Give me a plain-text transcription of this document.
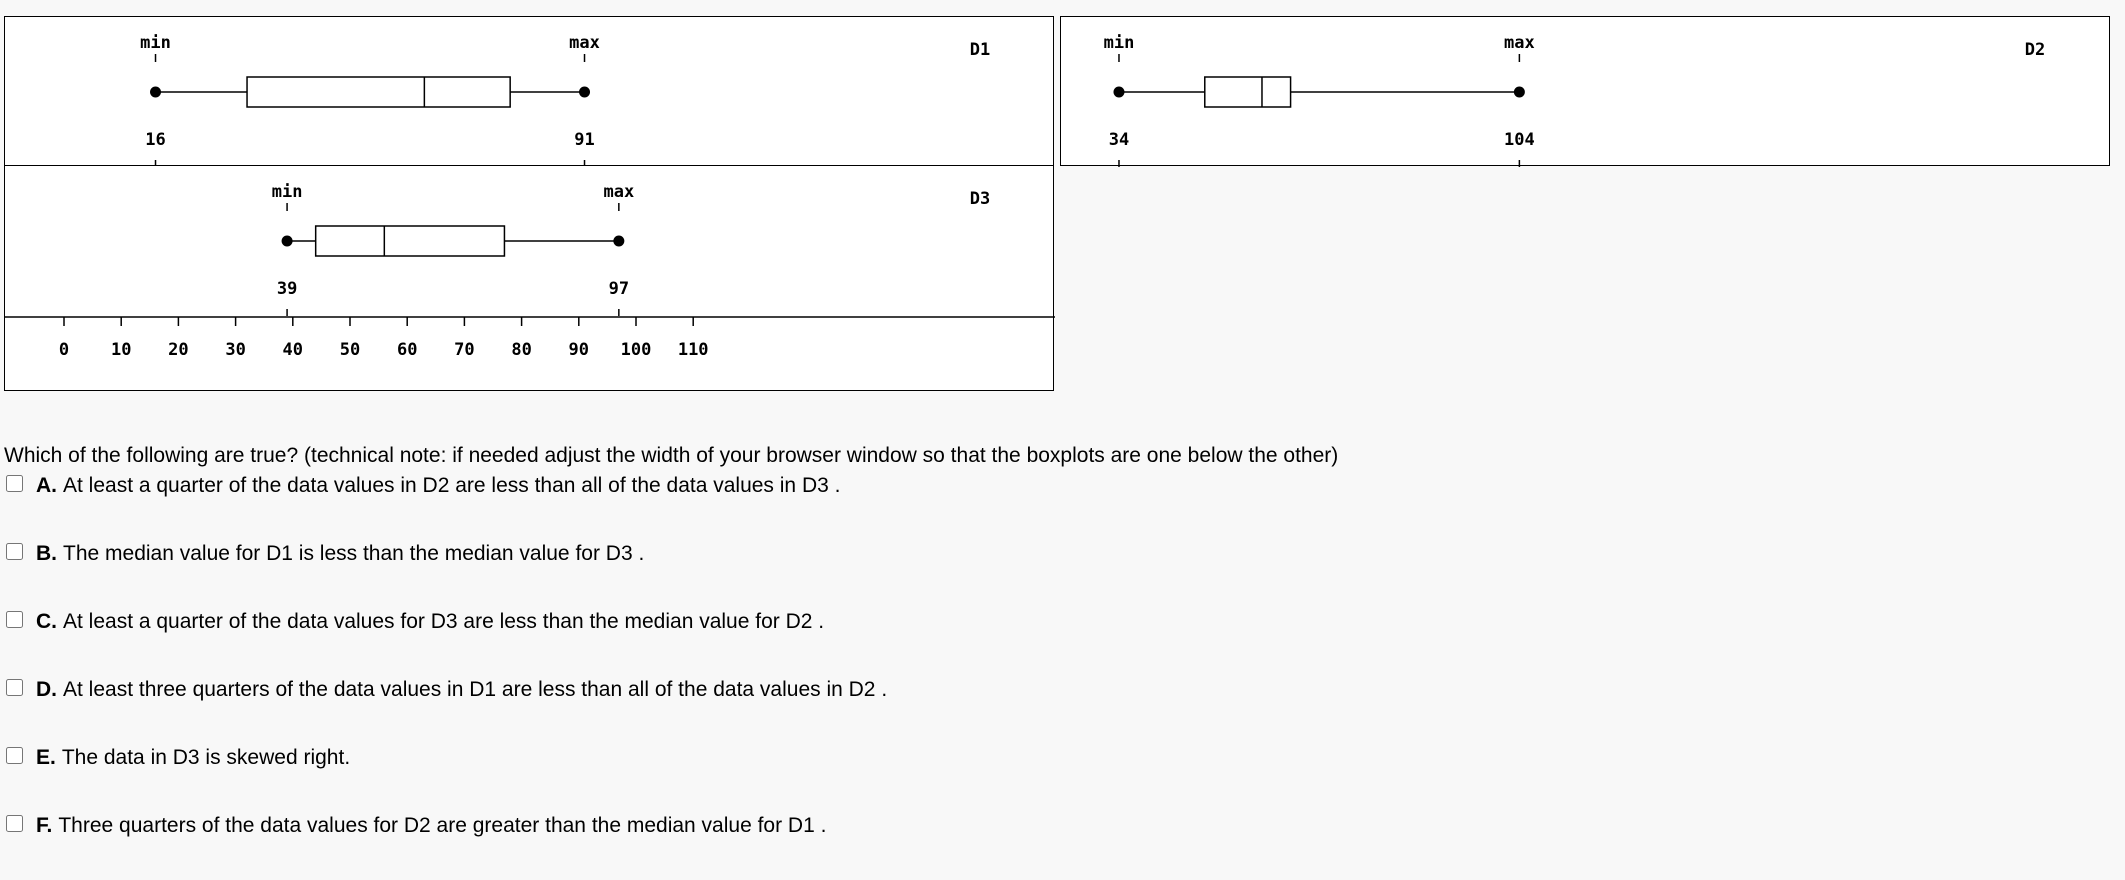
D1
min	max
16	91
D2
min	max
34	104
D3
min	max
39	97
0 10 20 30 40 50 60 70 80 90 100 110

Which of the following are true? (technical note: if needed adjust the width of your browser window so that the boxplots are one below the other)

A. At least a quarter of the data values in D2 are less than all of the data values in D3 .
B. The median value for D1 is less than the median value for D3 .
C. At least a quarter of the data values for D3 are less than the median value for D2 .
D. At least three quarters of the data values in D1 are less than all of the data values in D2 .
E. The data in D3 is skewed right.
F. Three quarters of the data values for D2 are greater than the median value for D1 .
